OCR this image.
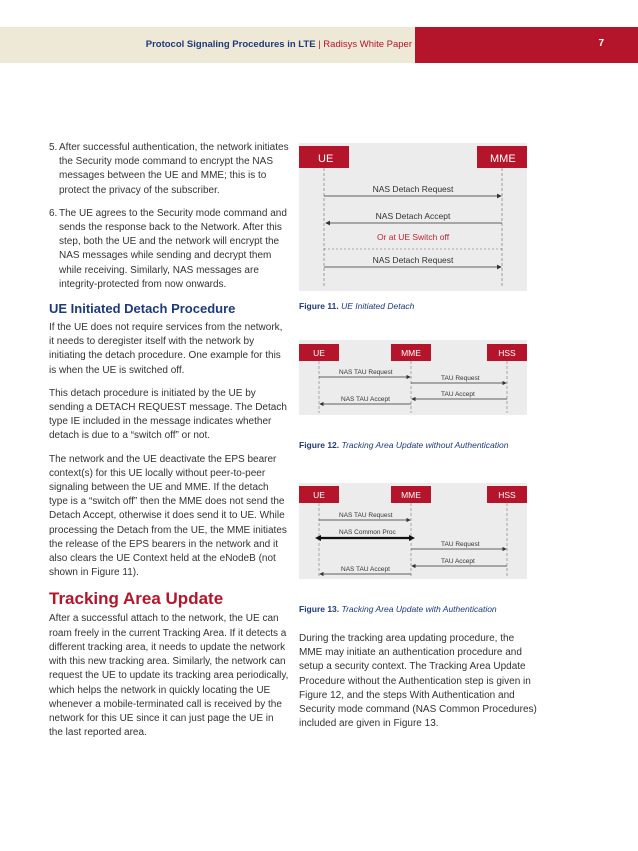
Protocol Signaling Procedures in LTE | Radisys White Paper	7
5. After successful authentication, the network initiates the Security mode command to encrypt the NAS messages between the UE and MME; this is to protect the privacy of the subscriber.
6. The UE agrees to the Security mode command and sends the response back to the Network. After this step, both the UE and the network will encrypt the NAS messages while sending and decrypt them while receiving. Similarly, NAS messages are integrity-protected from now onwards.
UE Initiated Detach Procedure

If the UE does not require services from the network, it needs to deregister itself with the network by initiating the detach procedure. One example for this is when the UE is switched off.

This detach procedure is initiated by the UE by sending a DETACH REQUEST message. The Detach type IE included in the message indicates whether detach is due to a “switch off” or not.

The network and the UE deactivate the EPS bearer context(s) for this UE locally without peer-to-peer signaling between the UE and MME. If the detach type is a “switch off” then the MME does not send the Detach Accept, otherwise it does send it to UE. While processing the Detach from the UE, the MME initiates the release of the EPS bearers in the network and it also clears the UE Context held at the eNodeB (not shown in Figure 11).

Tracking Area Update

After a successful attach to the network, the UE can roam freely in the current Tracking Area. If it detects a different tracking area, it needs to update the network with this new tracking area. Similarly, the network can request the UE to update its tracking area periodically, which helps the network in quickly locating the UE whenever a mobile-terminated call is received by the network for this UE since it can just page the UE in the last reported area.

UE	MME
NAS Detach Request
NAS Detach Accept
Or at UE Switch off
NAS Detach Request
Figure 11. UE Initiated Detach
UE	MME	HSS
NAS TAU Request
TAU Request
TAU Accept
NAS TAU Accept
Figure 12. Tracking Area Update without Authentication
UE	MME	HSS
NAS TAU Request
NAS Common Proc
TAU Request
TAU Accept
NAS TAU Accept
Figure 13. Tracking Area Update with Authentication

During the tracking area updating procedure, the MME may initiate an authentication procedure and setup a security context. The Tracking Area Update Procedure without the Authentication step is given in Figure 12, and the steps With Authentication and Security mode command (NAS Common Procedures) included are given in Figure 13.
